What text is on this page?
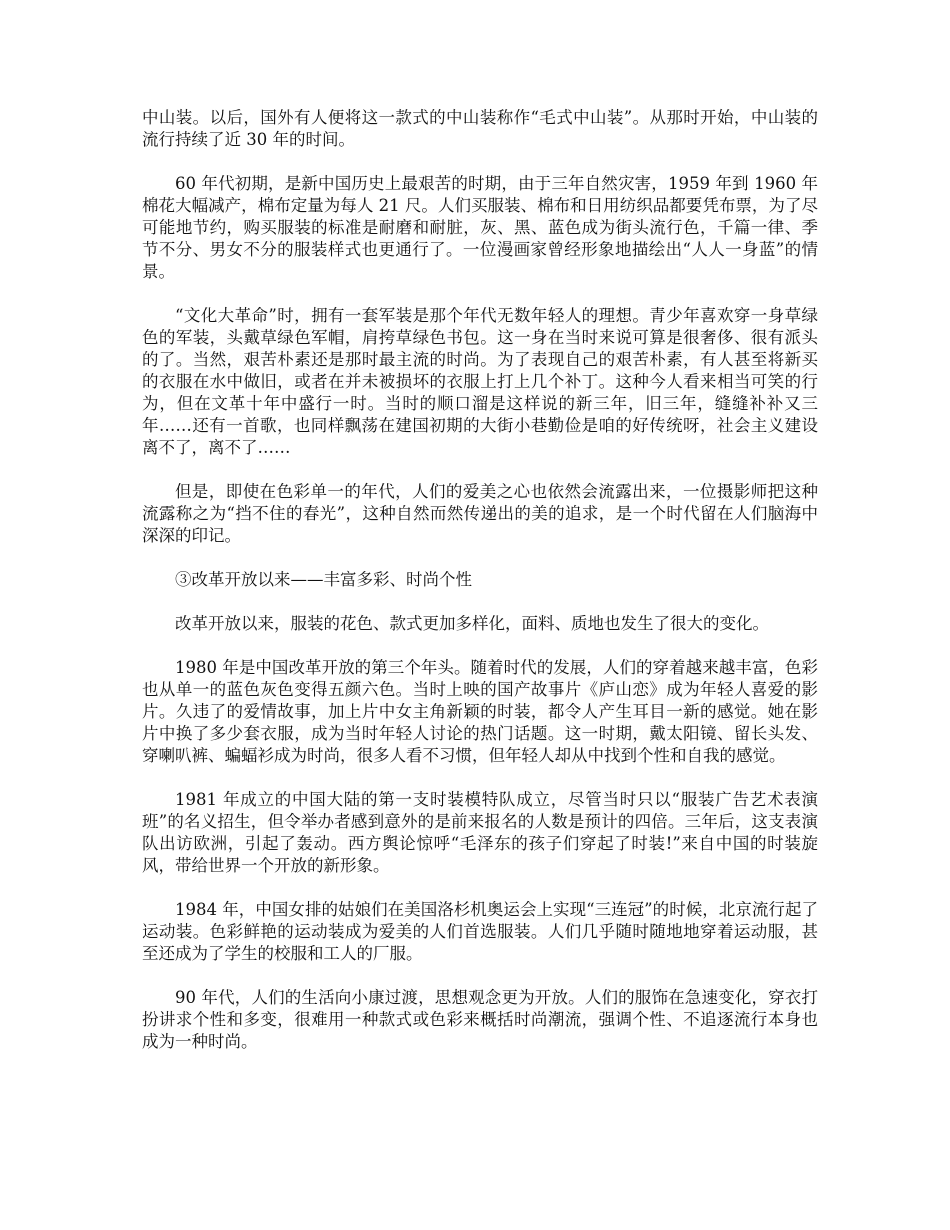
中山装。以后，国外有人便将这一款式的中山装称作“毛式中山装”。从那时开始，中山装的流行持续了近 30 年的时间。

60 年代初期，是新中国历史上最艰苦的时期，由于三年自然灾害，1959 年到 1960 年棉花大幅减产，棉布定量为每人 21 尺。人们买服装、棉布和日用纺织品都要凭布票，为了尽可能地节约，购买服装的标准是耐磨和耐脏，灰、黑、蓝色成为街头流行色，千篇一律、季节不分、男女不分的服装样式也更通行了。一位漫画家曾经形象地描绘出“人人一身蓝”的情景。

“文化大革命”时，拥有一套军装是那个年代无数年轻人的理想。青少年喜欢穿一身草绿色的军装，头戴草绿色军帽，肩挎草绿色书包。这一身在当时来说可算是很奢侈、很有派头的了。当然，艰苦朴素还是那时最主流的时尚。为了表现自己的艰苦朴素，有人甚至将新买的衣服在水中做旧，或者在并未被损坏的衣服上打上几个补丁。这种今人看来相当可笑的行为，但在文革十年中盛行一时。当时的顺口溜是这样说的新三年，旧三年，缝缝补补又三年……还有一首歌，也同样飘荡在建国初期的大街小巷勤俭是咱的好传统呀，社会主义建设离不了，离不了……

但是，即使在色彩单一的年代，人们的爱美之心也依然会流露出来，一位摄影师把这种流露称之为“挡不住的春光”，这种自然而然传递出的美的追求，是一个时代留在人们脑海中深深的印记。

③改革开放以来——丰富多彩、时尚个性

改革开放以来，服装的花色、款式更加多样化，面料、质地也发生了很大的变化。

1980 年是中国改革开放的第三个年头。随着时代的发展，人们的穿着越来越丰富，色彩也从单一的蓝色灰色变得五颜六色。当时上映的国产故事片《庐山恋》成为年轻人喜爱的影片。久违了的爱情故事，加上片中女主角新颖的时装，都令人产生耳目一新的感觉。她在影片中换了多少套衣服，成为当时年轻人讨论的热门话题。这一时期，戴太阳镜、留长头发、穿喇叭裤、蝙蝠衫成为时尚，很多人看不习惯，但年轻人却从中找到个性和自我的感觉。

1981 年成立的中国大陆的第一支时装模特队成立，尽管当时只以“服装广告艺术表演班”的名义招生，但令举办者感到意外的是前来报名的人数是预计的四倍。三年后，这支表演队出访欧洲，引起了轰动。西方舆论惊呼“毛泽东的孩子们穿起了时装!”来自中国的时装旋风，带给世界一个开放的新形象。

1984 年，中国女排的姑娘们在美国洛杉机奥运会上实现“三连冠”的时候，北京流行起了运动装。色彩鲜艳的运动装成为爱美的人们首选服装。人们几乎随时随地地穿着运动服，甚至还成为了学生的校服和工人的厂服。

90 年代，人们的生活向小康过渡，思想观念更为开放。人们的服饰在急速变化，穿衣打扮讲求个性和多变，很难用一种款式或色彩来概括时尚潮流，强调个性、不追逐流行本身也成为一种时尚。
